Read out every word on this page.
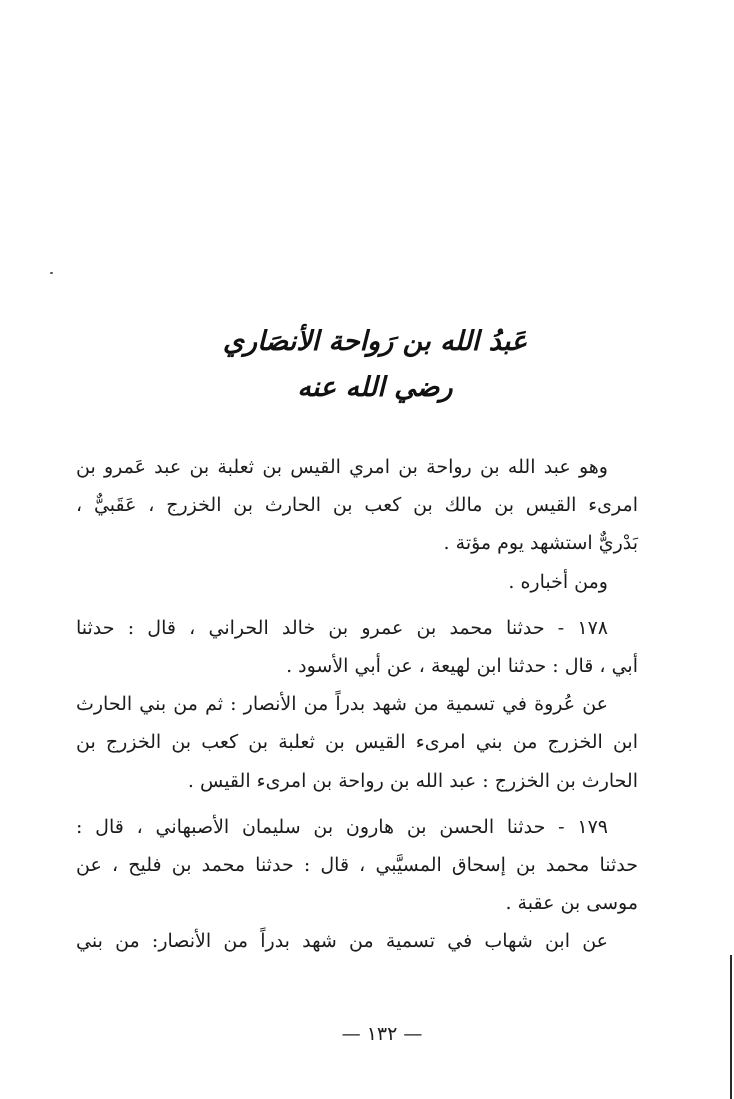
عَبدُ الله بن رَواحة الأنصَاري
رضي الله عنه
وهو عبد الله بن رواحة بن امري القيس بن ثعلبة بن عبد عَمرو بن
امرىء القيس بن مالك بن كعب بن الحارث بن الخزرج ، عَقَبيٌّ ،
بَدْريٌّ استشهد يوم مؤتة .
ومن أخباره .
١٧٨ - حدثنا محمد بن عمرو بن خالد الحراني ، قال : حدثنا
أبي ، قال : حدثنا ابن لهيعة ، عن أبي الأسود .
عن عُروة في تسمية من شهد بدراً من الأنصار : ثم من بني الحارث
ابن الخزرج من بني امرىء القيس بن ثعلبة بن كعب بن الخزرج بن
الحارث بن الخزرج : عبد الله بن رواحة بن امرىء القيس .
١٧٩ - حدثنا الحسن بن هارون بن سليمان الأصبهاني ، قال :
حدثنا محمد بن إسحاق المسيَّبي ، قال : حدثنا محمد بن فليح ، عن
موسى بن عقبة .
عن ابن شهاب في تسمية من شهد بدراً من الأنصار: من بني
— ١٣٢ —
